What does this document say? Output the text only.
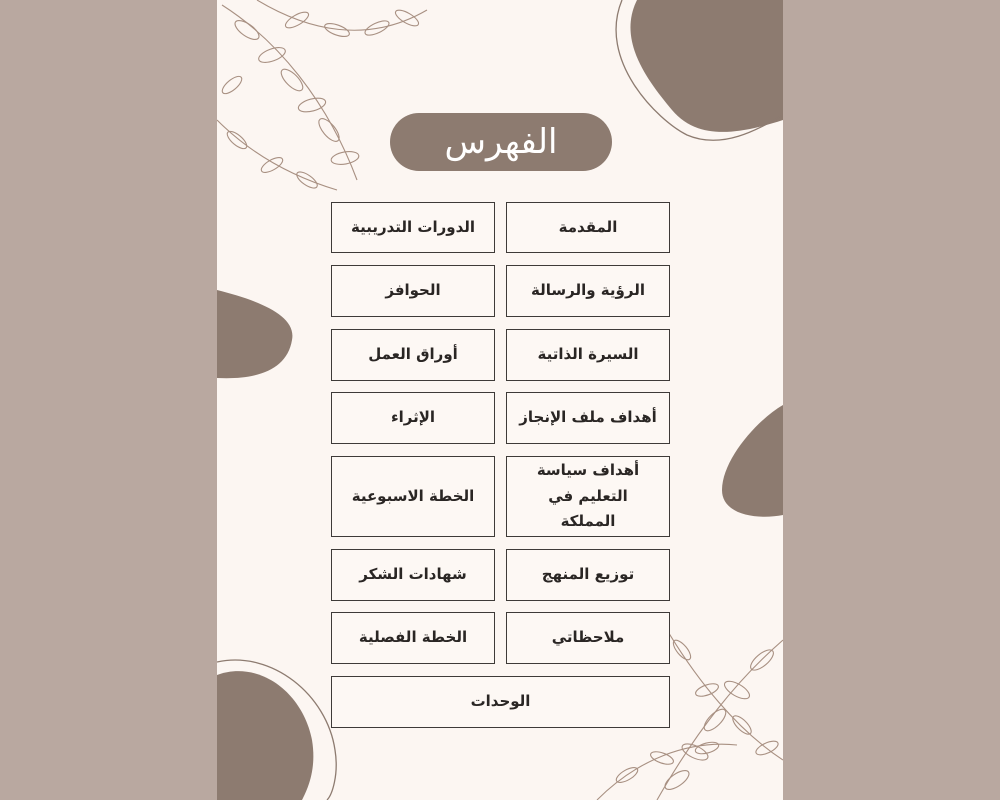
الفهرس
المقدمة
الدورات التدريبية
الرؤية والرسالة
الحوافز
السيرة الذاتية
أوراق العمل
أهداف ملف الإنجاز
الإثراء
أهداف سياسة التعليم في المملكة
الخطة الاسبوعية
توزيع المنهج
شهادات الشكر
ملاحظاتي
الخطة الفصلية
الوحدات
